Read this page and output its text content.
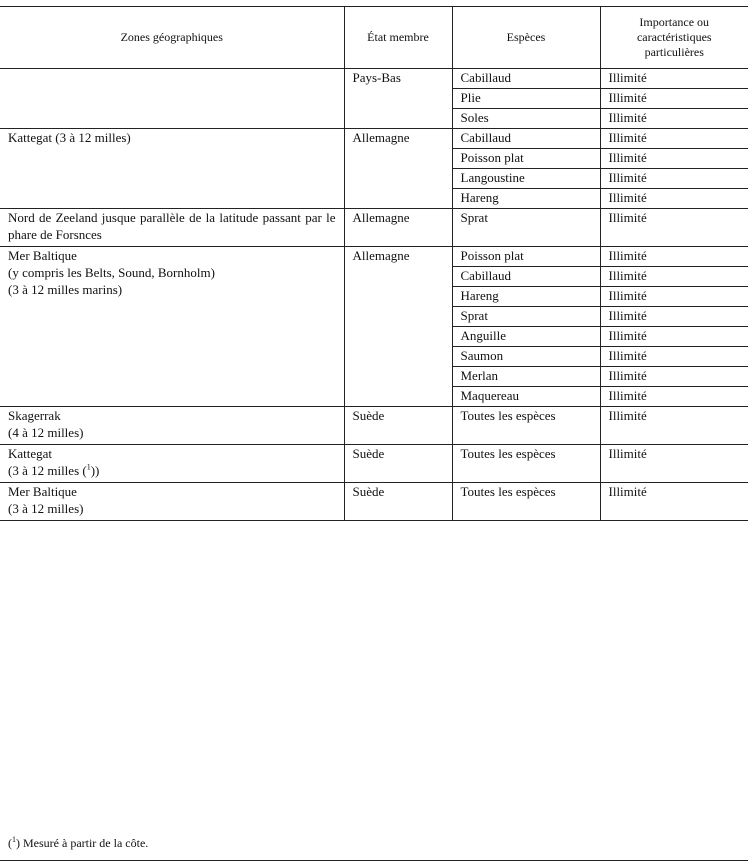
Zones géographiques	État membre	Espèces	Importance ou caractéristiques particulières
	Pays-Bas	Cabillaud	Illimité
		Plie	Illimité
		Soles	Illimité
Kattegat (3 à 12 milles)	Allemagne	Cabillaud	Illimité
		Poisson plat	Illimité
		Langoustine	Illimité
		Hareng	Illimité
Nord de Zeeland jusque parallèle de la latitude passant par le phare de Forsnces	Allemagne	Sprat	Illimité

Mer Baltique
(y compris les Belts, Sound, Bornholm)
(3 à 12 milles marins)	Allemagne	Poisson plat	Illimité
		Cabillaud	Illimité
		Hareng	Illimité
		Sprat	Illimité
		Anguille	Illimité
		Saumon	Illimité
		Merlan	Illimité
		Maquereau	Illimité

Skagerrak
(4 à 12 milles)	Suède	Toutes les espèces	Illimité

Kattegat
(3 à 12 milles ($^1$))	Suède	Toutes les espèces	Illimité

Mer Baltique
(3 à 12 milles)	Suède	Toutes les espèces	Illimité
($^1$) Mesuré à partir de la côte.
